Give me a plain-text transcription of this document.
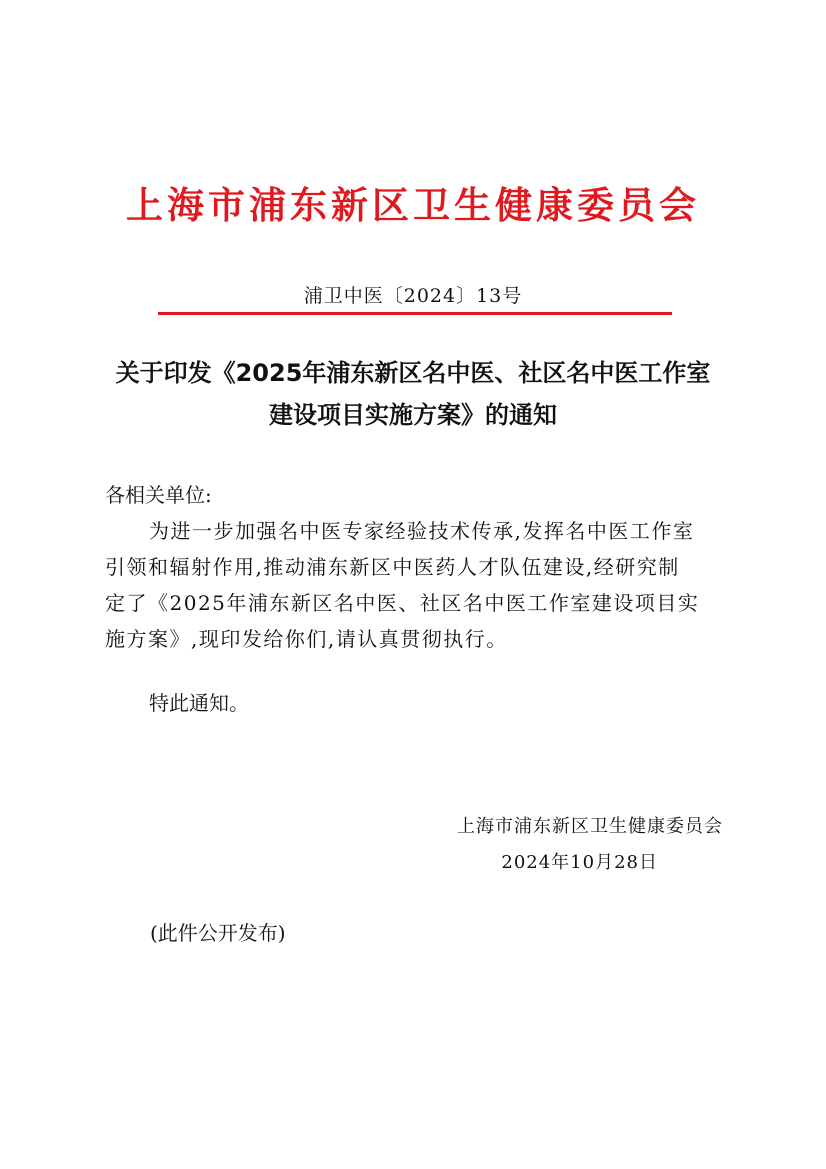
上海市浦东新区卫生健康委员会
浦卫中医〔2024〕13号
关于印发《2025年浦东新区名中医、社区名中医工作室
建设项目实施方案》的通知
各相关单位:
为进一步加强名中医专家经验技术传承,发挥名中医工作室
引领和辐射作用,推动浦东新区中医药人才队伍建设,经研究制
定了《2025年浦东新区名中医、社区名中医工作室建设项目实
施方案》,现印发给你们,请认真贯彻执行。
特此通知。
上海市浦东新区卫生健康委员会
2024年10月28日
(此件公开发布)
